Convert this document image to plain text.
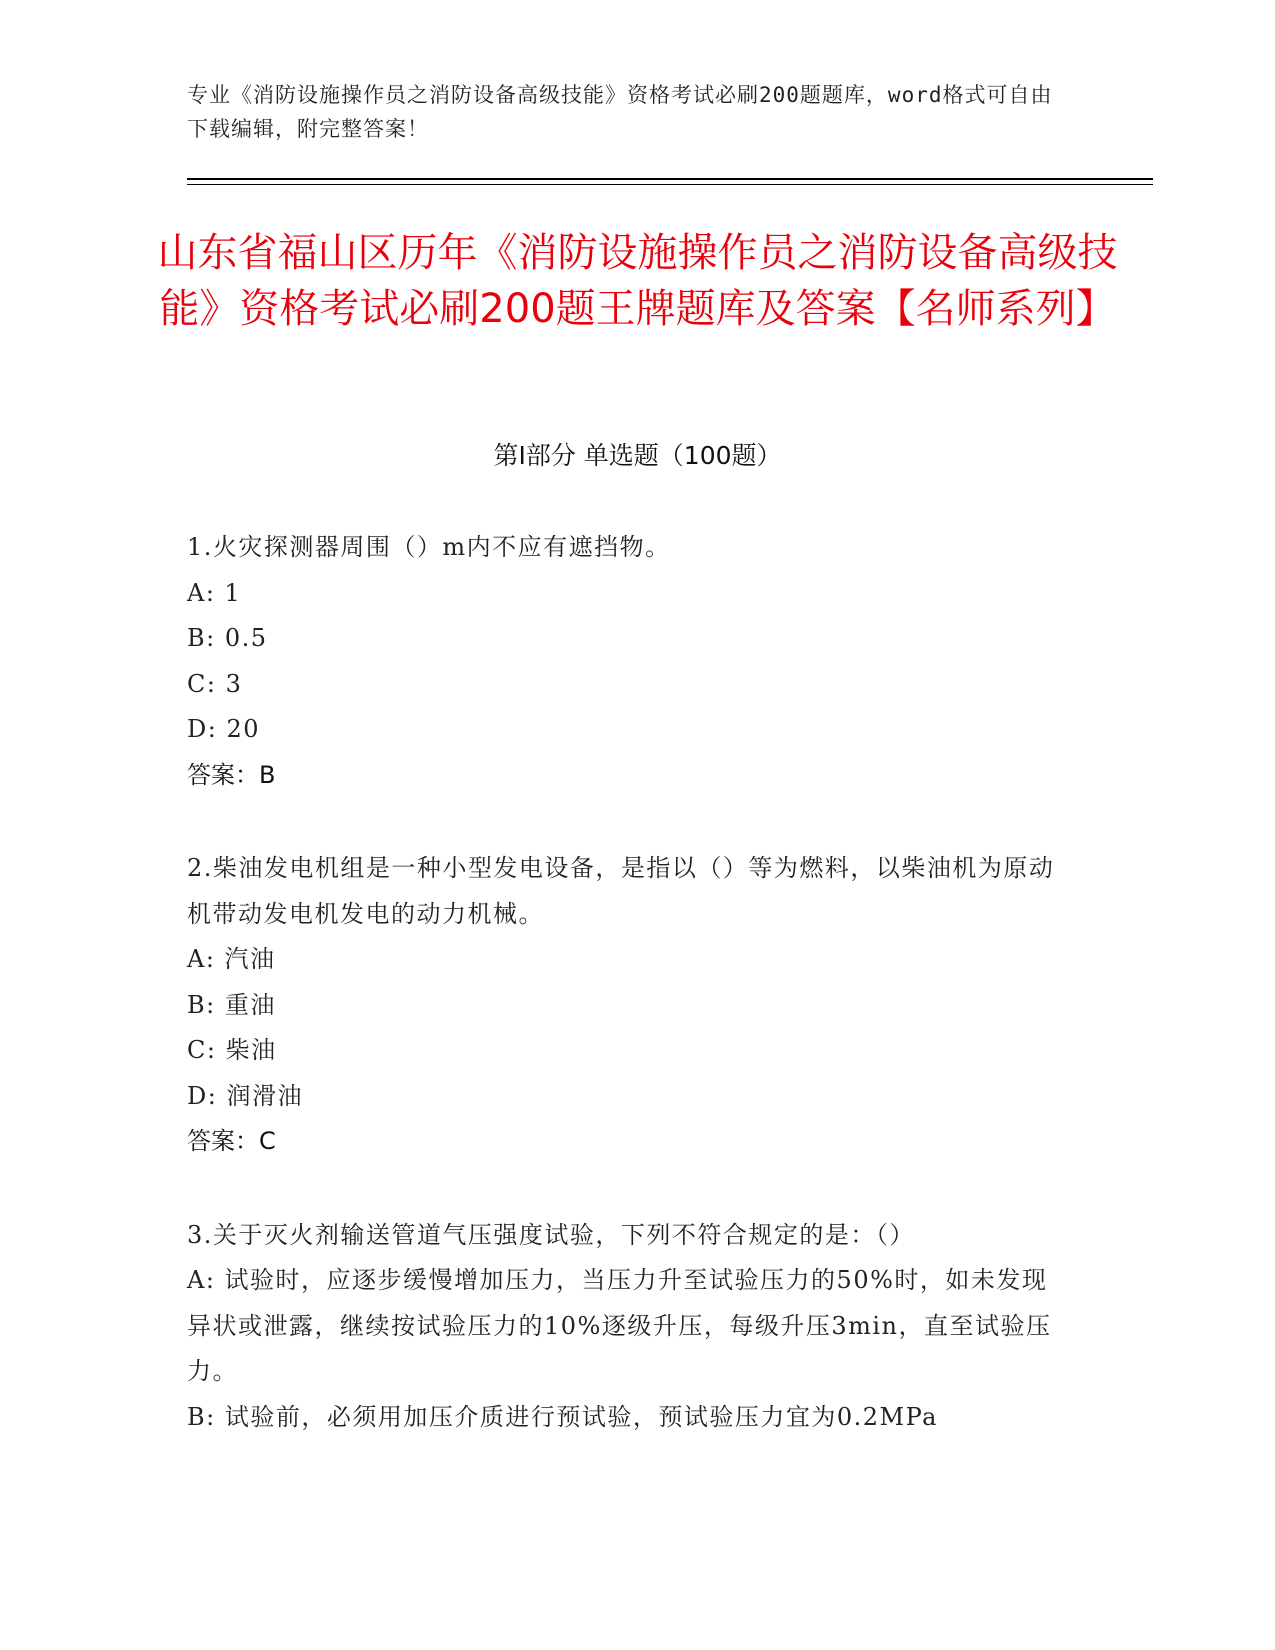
专业《消防设施操作员之消防设备高级技能》资格考试必刷200题题库，word格式可自由下载编辑，附完整答案！
山东省福山区历年《消防设施操作员之消防设备高级技能》资格考试必刷200题王牌题库及答案【名师系列】
第Ⅰ部分 单选题（100题）
1.火灾探测器周围（）m内不应有遮挡物。
A: 1
B: 0.5
C: 3
D: 20
答案：B
2.柴油发电机组是一种小型发电设备，是指以（）等为燃料，以柴油机为原动机带动发电机发电的动力机械。
A: 汽油
B: 重油
C: 柴油
D: 润滑油
答案：C
3.关于灭火剂输送管道气压强度试验，下列不符合规定的是：（）
A: 试验时，应逐步缓慢增加压力，当压力升至试验压力的50%时，如未发现异状或泄露，继续按试验压力的10%逐级升压，每级升压3min，直至试验压力。
B: 试验前，必须用加压介质进行预试验，预试验压力宜为0.2MPa
